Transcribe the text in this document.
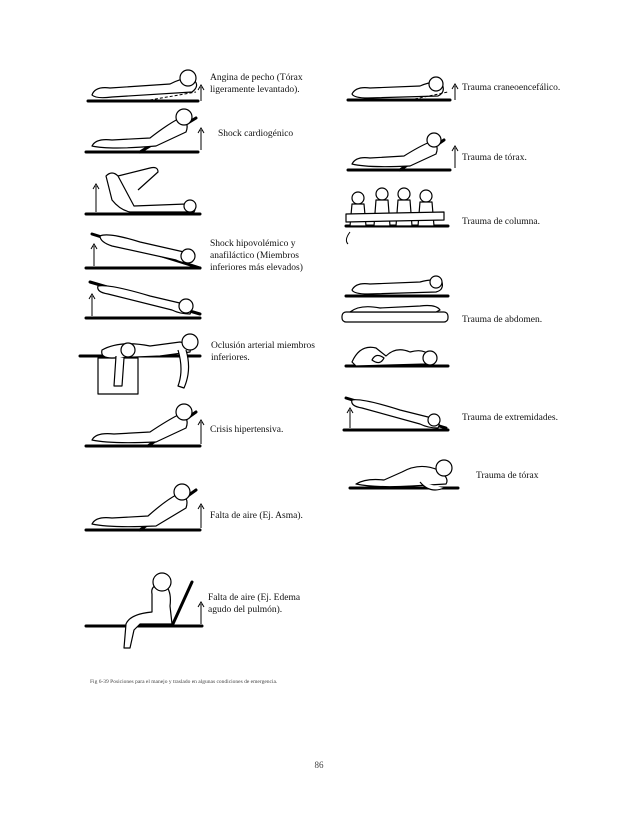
Angina de pecho (Tórax
ligeramente levantado).
Shock cardiogénico
Shock hipovolémico y
anafiláctico (Miembros
inferiores más elevados)
Oclusión arterial miembros
inferiores.
Crisis hipertensiva.
Falta de aire (Ej. Asma).
Falta de aire (Ej. Edema
agudo del pulmón).
Trauma craneoencefálico.
Trauma de tórax.
Trauma de columna.
Trauma de abdomen.
Trauma de extremidades.
Trauma de tórax
Fig 6-39 Posiciones para el manejo y traslado en algunas condiciones de emergencia.
86
